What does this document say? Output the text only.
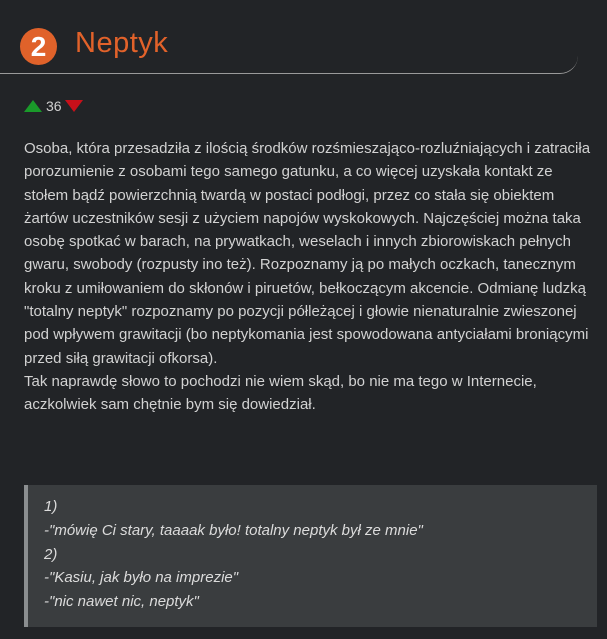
2 Neptyk
36

Osoba, która przesadziła z ilością środków rozśmieszająco-rozluźniających i zatraciła porozumienie z osobami tego samego gatunku, a co więcej uzyskała kontakt ze stołem bądź powierzchnią twardą w postaci podłogi, przez co stała się obiektem żartów uczestników sesji z użyciem napojów wyskokowych. Najczęściej można taka osobę spotkać w barach, na prywatkach, weselach i innych zbiorowiskach pełnych gwaru, swobody (rozpusty ino też). Rozpoznamy ją po małych oczkach, tanecznym kroku z umiłowaniem do skłonów i piruetów, bełkoczącym akcencie. Odmianę ludzką "totalny neptyk" rozpoznamy po pozycji półleżącej i głowie nienaturalnie zwieszonej pod wpływem grawitacji (bo neptykomania jest spowodowana antyciałami broniącymi przed siłą grawitacji ofkorsa).

Tak naprawdę słowo to pochodzi nie wiem skąd, bo nie ma tego w Internecie, aczkolwiek sam chętnie bym się dowiedział.

1)
-"mówię Ci stary, taaaak było! totalny neptyk był ze mnie"
2)
-"Kasiu, jak było na imprezie"
-"nic nawet nic, neptyk"
